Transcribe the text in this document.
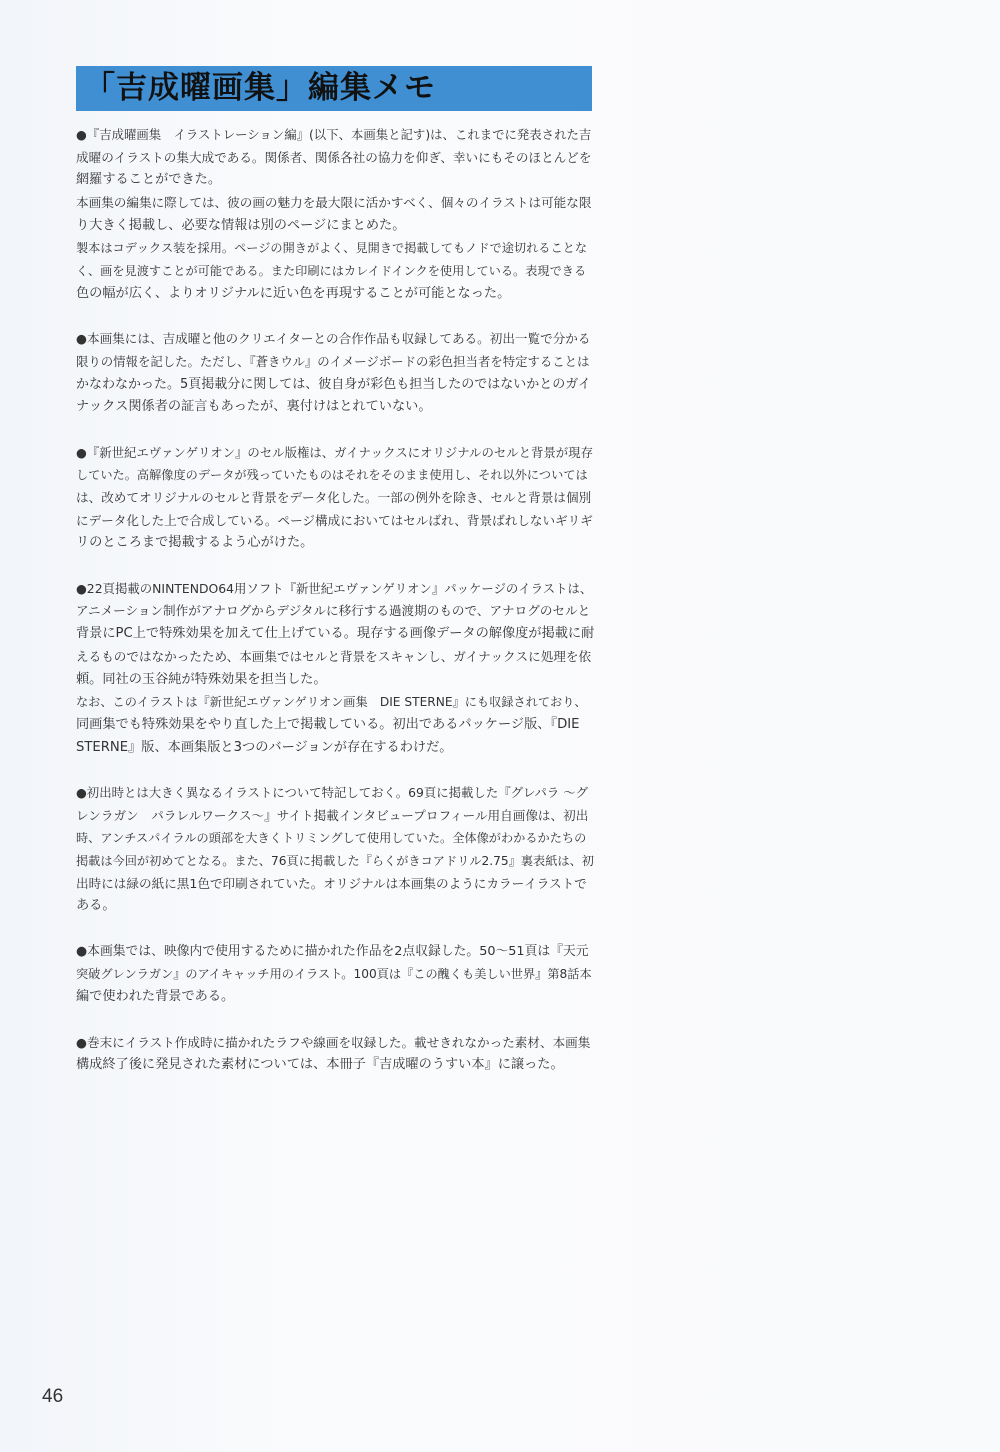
「吉成曜画集」編集メモ
●『吉成曜画集　イラストレーション編』(以下、本画集と記す)は、これまでに発表された吉
成曜のイラストの集大成である。関係者、関係各社の協力を仰ぎ、幸いにもそのほとんどを
網羅することができた。
本画集の編集に際しては、彼の画の魅力を最大限に活かすべく、個々のイラストは可能な限
り大きく掲載し、必要な情報は別のページにまとめた。
製本はコデックス装を採用。ページの開きがよく、見開きで掲載してもノドで途切れることな
く、画を見渡すことが可能である。また印刷にはカレイドインクを使用している。表現できる
色の幅が広く、よりオリジナルに近い色を再現することが可能となった。
●本画集には、吉成曜と他のクリエイターとの合作作品も収録してある。初出一覧で分かる
限りの情報を記した。ただし、『蒼きウル』のイメージボードの彩色担当者を特定することは
かなわなかった。5頁掲載分に関しては、彼自身が彩色も担当したのではないかとのガイ
ナックス関係者の証言もあったが、裏付けはとれていない。
●『新世紀エヴァンゲリオン』のセル版権は、ガイナックスにオリジナルのセルと背景が現存
していた。高解像度のデータが残っていたものはそれをそのまま使用し、それ以外については
は、改めてオリジナルのセルと背景をデータ化した。一部の例外を除き、セルと背景は個別
にデータ化した上で合成している。ページ構成においてはセルばれ、背景ばれしないギリギ
リのところまで掲載するよう心がけた。
●22頁掲載のNINTENDO64用ソフト『新世紀エヴァンゲリオン』パッケージのイラストは、
アニメーション制作がアナログからデジタルに移行する過渡期のもので、アナログのセルと
背景にPC上で特殊効果を加えて仕上げている。現存する画像データの解像度が掲載に耐
えるものではなかったため、本画集ではセルと背景をスキャンし、ガイナックスに処理を依
頼。同社の玉谷純が特殊効果を担当した。
なお、このイラストは『新世紀エヴァンゲリオン画集　DIE STERNE』にも収録されており、
同画集でも特殊効果をやり直した上で掲載している。初出であるパッケージ版、『DIE
STERNE』版、本画集版と3つのバージョンが存在するわけだ。
●初出時とは大きく異なるイラストについて特記しておく。69頁に掲載した『グレパラ ～グ
レンラガン　パラレルワークス～』サイト掲載インタビュープロフィール用自画像は、初出
時、アンチスパイラルの頭部を大きくトリミングして使用していた。全体像がわかるかたちの
掲載は今回が初めてとなる。また、76頁に掲載した『らくがきコアドリル2.75』裏表紙は、初
出時には緑の紙に黒1色で印刷されていた。オリジナルは本画集のようにカラーイラストで
ある。
●本画集では、映像内で使用するために描かれた作品を2点収録した。50～51頁は『天元
突破グレンラガン』のアイキャッチ用のイラスト。100頁は『この醜くも美しい世界』第8話本
編で使われた背景である。
●巻末にイラスト作成時に描かれたラフや線画を収録した。載せきれなかった素材、本画集
構成終了後に発見された素材については、本冊子『吉成曜のうすい本』に譲った。
46
